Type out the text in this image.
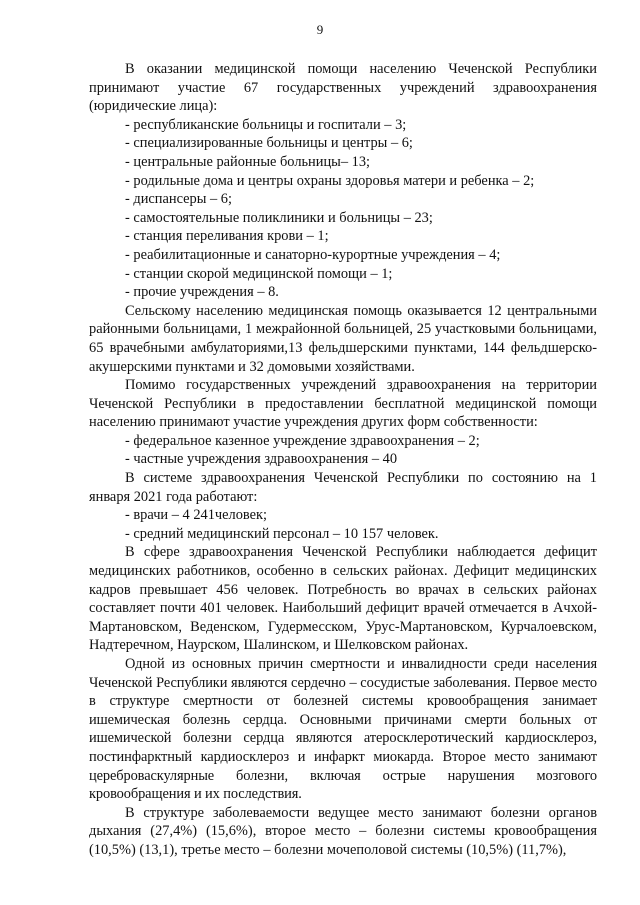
9

В оказании медицинской помощи населению Чеченской Республики принимают участие 67 государственных учреждений здравоохранения (юридические лица):

- республиканские больницы и госпитали – 3;

- специализированные больницы и центры – 6;

- центральные районные больницы– 13;

- родильные дома и центры охраны здоровья матери и ребенка – 2;

- диспансеры – 6;

- самостоятельные поликлиники и больницы – 23;

- станция переливания крови – 1;

- реабилитационные и санаторно-курортные учреждения – 4;

- станции скорой медицинской помощи – 1;

- прочие учреждения – 8.

Сельскому населению медицинская помощь оказывается 12 центральными районными больницами, 1 межрайонной больницей, 25 участковыми больницами, 65 врачебными амбулаториями,13 фельдшерскими пунктами, 144 фельдшерско-акушерскими пунктами и 32 домовыми хозяйствами.

Помимо государственных учреждений здравоохранения на территории Чеченской Республики в предоставлении бесплатной медицинской помощи населению принимают участие учреждения других форм собственности:

- федеральное казенное учреждение здравоохранения – 2;

- частные учреждения здравоохранения – 40

В системе здравоохранения Чеченской Республики по состоянию на 1 января 2021 года работают:

- врачи – 4 241человек;

- средний медицинский персонал – 10 157 человек.

В сфере здравоохранения Чеченской Республики наблюдается дефицит медицинских работников, особенно в сельских районах. Дефицит медицинских кадров превышает 456 человек. Потребность во врачах в сельских районах составляет почти 401 человек. Наибольший дефицит врачей отмечается в Ачхой-Мартановском, Веденском, Гудермесском, Урус-Мартановском, Курчалоевском, Надтеречном, Наурском, Шалинском, и Шелковском районах.

Одной из основных причин смертности и инвалидности среди населения Чеченской Республики являются сердечно – сосудистые заболевания. Первое место в структуре смертности от болезней системы кровообращения занимает ишемическая болезнь сердца. Основными причинами смерти больных от ишемической болезни сердца являются атеросклеротический кардиосклероз, постинфарктный кардиосклероз и инфаркт миокарда. Второе место занимают цереброваскулярные болезни, включая острые нарушения мозгового кровообращения и их последствия.

В структуре заболеваемости ведущее место занимают болезни органов дыхания (27,4%) (15,6%), второе место – болезни системы кровообращения (10,5%) (13,1), третье место – болезни мочеполовой системы (10,5%) (11,7%),
